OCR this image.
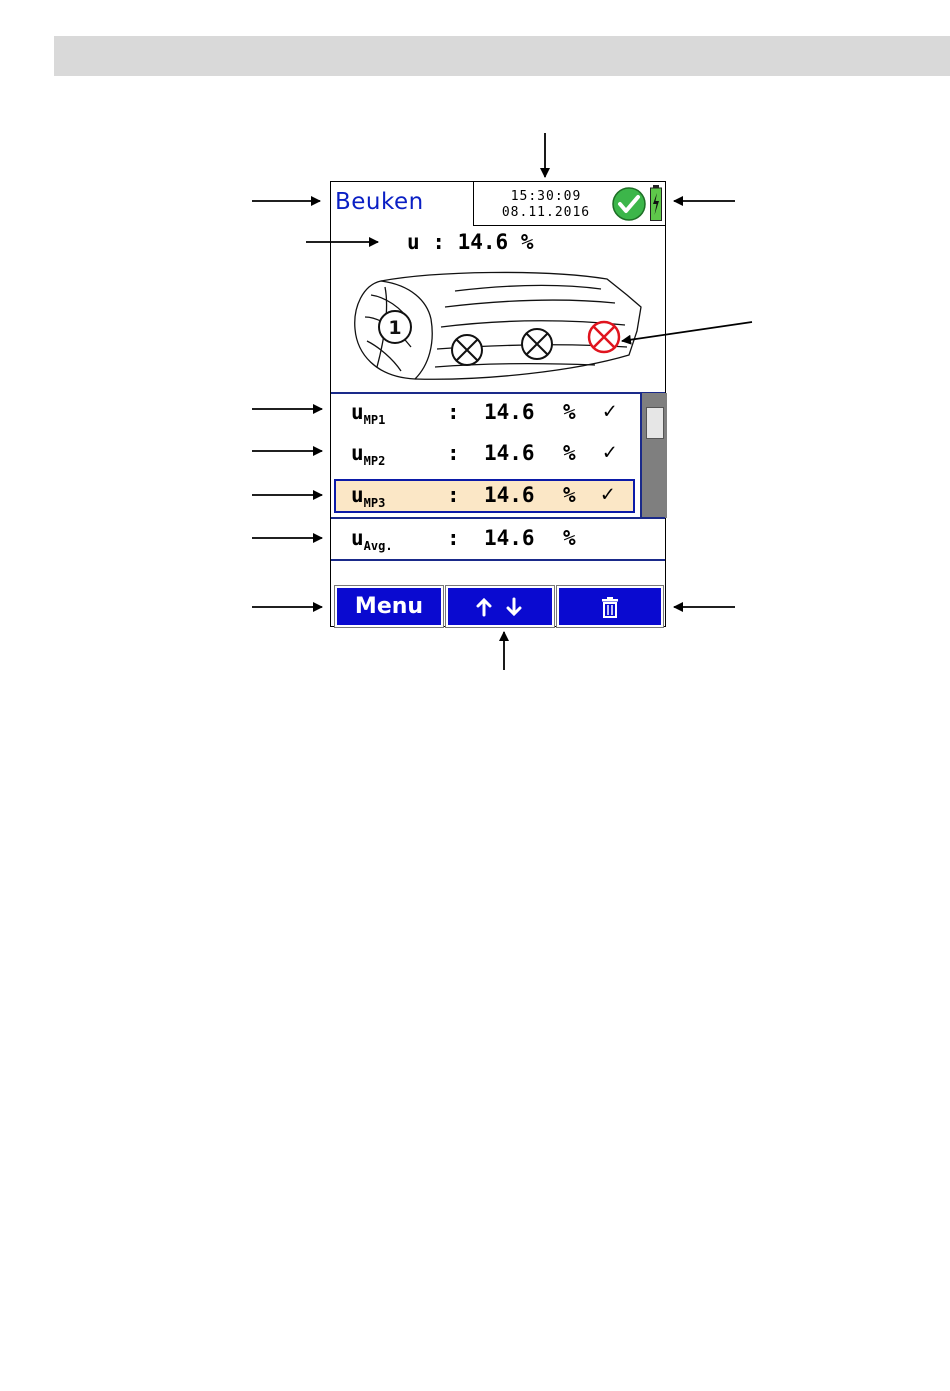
Beuken	15:30:09
08.11.2016
u : 14.6 %
1
$u_{MP1}$	: 14.6 % ✓
$u_{MP2}$	: 14.6 % ✓
$u_{MP3}$	: 14.6 % ✓
$u_{Avg.}$	: 14.6 %
Menu
